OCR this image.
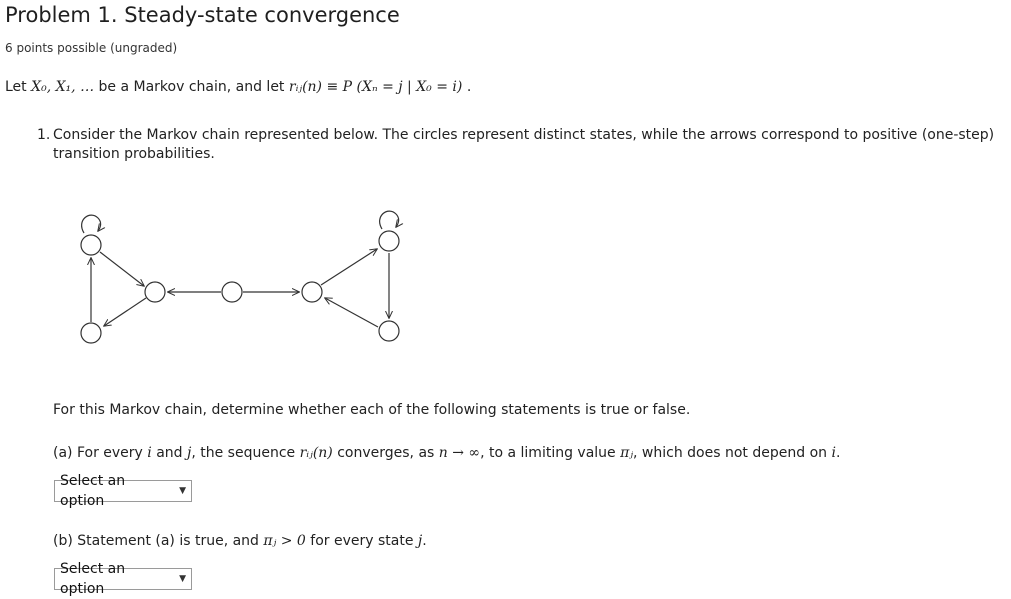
Problem 1. Steady-state convergence
6 points possible (ungraded)
Let X₀, X₁, … be a Markov chain, and let rᵢⱼ(n) ≡ P (Xₙ = j | X₀ = i) .
1. Consider the Markov chain represented below. The circles represent distinct states, while the arrows correspond to positive (one-step)
transition probabilities.
For this Markov chain, determine whether each of the following statements is true or false.
(a) For every i and j, the sequence rᵢⱼ(n) converges, as n → ∞, to a limiting value πⱼ, which does not depend on i.
Select an option
▼
(b) Statement (a) is true, and πⱼ > 0 for every state j.
Select an option
▼
